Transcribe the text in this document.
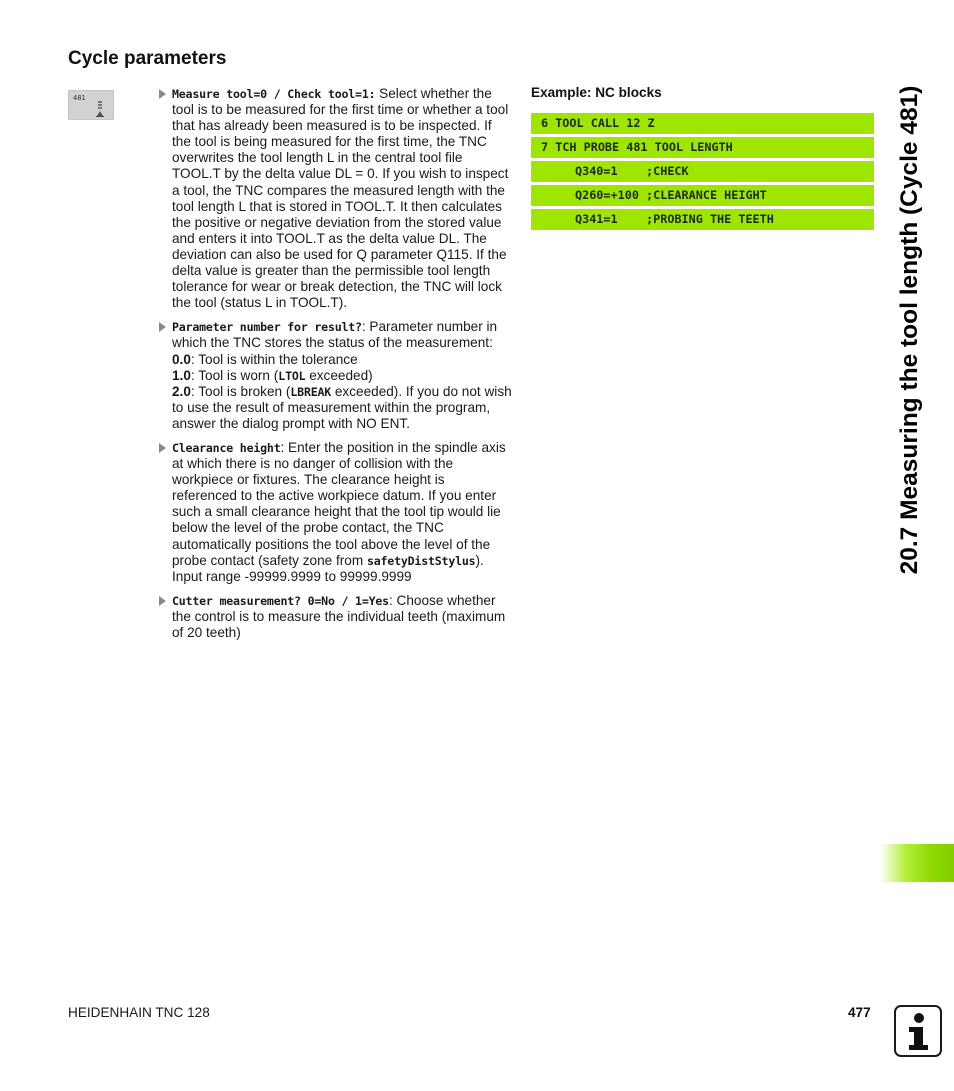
Cycle parameters
481	Measure tool=0 / Check tool=1: Select whether the tool is to be measured for the first time or whether a tool that has already been measured is to be inspected. If the tool is being measured for the first time, the TNC overwrites the tool length L in the central tool file TOOL.T by the delta value DL = 0. If you wish to inspect a tool, the TNC compares the measured length with the tool length L that is stored in TOOL.T. It then calculates the positive or negative deviation from the stored value and enters it into TOOL.T as the delta value DL. The deviation can also be used for Q parameter Q115. If the delta value is greater than the permissible tool length tolerance for wear or break detection, the TNC will lock the tool (status L in TOOL.T).
Parameter number for result?: Parameter number in which the TNC stores the status of the measurement:
0.0: Tool is within the tolerance
1.0: Tool is worn (LTOL exceeded)
2.0: Tool is broken (LBREAK exceeded). If you do not wish to use the result of measurement within the program, answer the dialog prompt with NO ENT.
Clearance height: Enter the position in the spindle axis at which there is no danger of collision with the workpiece or fixtures. The clearance height is referenced to the active workpiece datum. If you enter such a small clearance height that the tool tip would lie below the level of the probe contact, the TNC automatically positions the tool above the level of the probe contact (safety zone from safetyDistStylus). Input range -99999.9999 to 99999.9999
Cutter measurement? 0=No / 1=Yes: Choose whether the control is to measure the individual teeth (maximum of 20 teeth)
Example: NC blocks
6 TOOL CALL 12 Z
7 TCH PROBE 481 TOOL LENGTH
Q340=1    ;CHECK
Q260=+100 ;CLEARANCE HEIGHT
Q341=1    ;PROBING THE TEETH	20.7 Measuring the tool length (Cycle 481)
HEIDENHAIN TNC 128	477
